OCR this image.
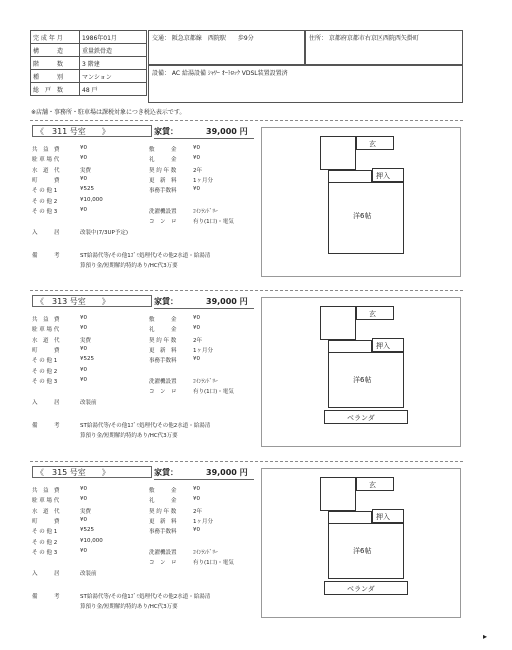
完 成 年 月	1986年01月
構　　　造	重量鉄骨造
階　　　数	3 階建
種　　　別	マンション
総　戸　数	48 戸
交通： 阪急京都線　西院駅　　歩9分	住所： 京都府京都市右京区西院西矢掛町
設備： AC 給湯設備 ｼｬﾜｰ ｵｰﾄﾛｯｸ VDSL装置設置済
※店舗・事務所・駐車場は課税対象につき税込表示です。
《　311 号室　　》	家賃：	39,000 円
共　益　費	¥0
駐 車 場 代	¥0
水　道　代	実費
町　　　費	¥0
そ の 他 1	¥525
そ の 他 2	¥10,000
そ の 他 3	¥0
敷　　　金	¥0
礼　　　金	¥0
契 約 年 数	2年
更　新　料	1ヶ月分
事務手数料	¥0
洗濯機設置	ｺｲﾝﾗﾝﾄﾞﾘｰ
コ　ン　ロ	有り(1口)・電気
入　　　居	改装中(7/3UP予定)
備　　　考	ST給湯代等/その他1ｺﾞﾐ処理代/その他2水道・給湯清
算預り金/短期解約特約あり/HC代3万要
玄
押入
洋6帖
《　313 号室　　》	家賃：	39,000 円
共　益　費	¥0
駐 車 場 代	¥0
水　道　代	実費
町　　　費	¥0
そ の 他 1	¥525
そ の 他 2	¥0
そ の 他 3	¥0
敷　　　金	¥0
礼　　　金	¥0
契 約 年 数	2年
更　新　料	1ヶ月分
事務手数料	¥0
洗濯機設置	ｺｲﾝﾗﾝﾄﾞﾘｰ
コ　ン　ロ	有り(1口)・電気
入　　　居	改装前
備　　　考	ST給湯代等/その他1ｺﾞﾐ処理代/その他2水道・給湯清
算預り金/短期解約特約あり/HC代3万要
玄
押入
洋6帖
ベランダ
《　315 号室　　》	家賃：	39,000 円
共　益　費	¥0
駐 車 場 代	¥0
水　道　代	実費
町　　　費	¥0
そ の 他 1	¥525
そ の 他 2	¥10,000
そ の 他 3	¥0
敷　　　金	¥0
礼　　　金	¥0
契 約 年 数	2年
更　新　料	1ヶ月分
事務手数料	¥0
洗濯機設置	ｺｲﾝﾗﾝﾄﾞﾘｰ
コ　ン　ロ	有り(1口)・電気
入　　　居	改装前
備　　　考	ST給湯代等/その他1ｺﾞﾐ処理代/その他2水道・給湯清
算預り金/短期解約特約あり/HC代3万要
玄
押入
洋6帖
ベランダ
▸
